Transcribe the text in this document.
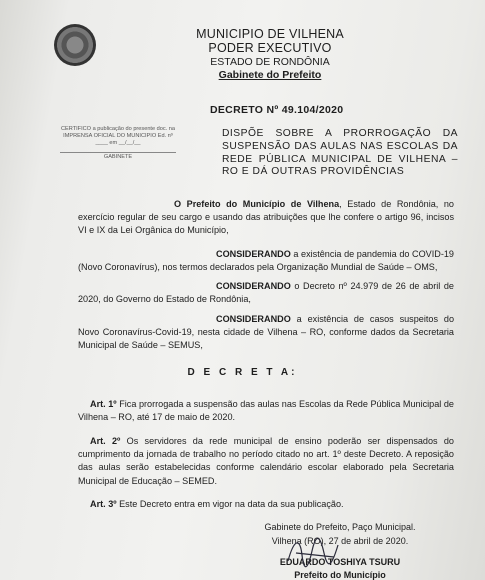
MUNICIPIO DE VILHENA
PODER EXECUTIVO
ESTADO DE RONDÔNIA
Gabinete do Prefeito
DECRETO Nº 49.104/2020
CERTIFICO a publicação do presente doc. na IMPRENSA OFICIAL DO MUNICIPIO Ed. nº ____ em __/__/__
GABINETE
DISPÕE SOBRE A PRORROGAÇÃO DA SUSPENSÃO DAS AULAS NAS ESCOLAS DA REDE PÚBLICA MUNICIPAL DE VILHENA –RO E DÁ OUTRAS PROVIDÊNCIAS
O Prefeito do Município de Vilhena, Estado de Rondônia, no exercício regular de seu cargo e usando das atribuições que lhe confere o artigo 96, incisos VI e IX da Lei Orgânica do Município,
CONSIDERANDO a existência de pandemia do COVID-19 (Novo Coronavírus), nos termos declarados pela Organização Mundial de Saúde – OMS,
CONSIDERANDO o Decreto nº 24.979 de 26 de abril de 2020, do Governo do Estado de Rondônia,
CONSIDERANDO a existência de casos suspeitos do Novo Coronavírus-Covid-19, nesta cidade de Vilhena – RO, conforme dados da Secretaria Municipal de Saúde – SEMUS,
D E C R E T A:
Art. 1º Fica prorrogada a suspensão das aulas nas Escolas da Rede Pública Municipal de Vilhena – RO, até 17 de maio de 2020.
Art. 2º Os servidores da rede municipal de ensino poderão ser dispensados do cumprimento da jornada de trabalho no período citado no art. 1º deste Decreto. A reposição das aulas serão estabelecidas conforme calendário escolar elaborado pela Secretaria Municipal de Educação – SEMED.
Art. 3º Este Decreto entra em vigor na data da sua publicação.
Gabinete do Prefeito, Paço Municipal.
Vilhena (RO), 27 de abril de 2020.
EDUARDO TOSHIYA TSURU
Prefeito do Município
